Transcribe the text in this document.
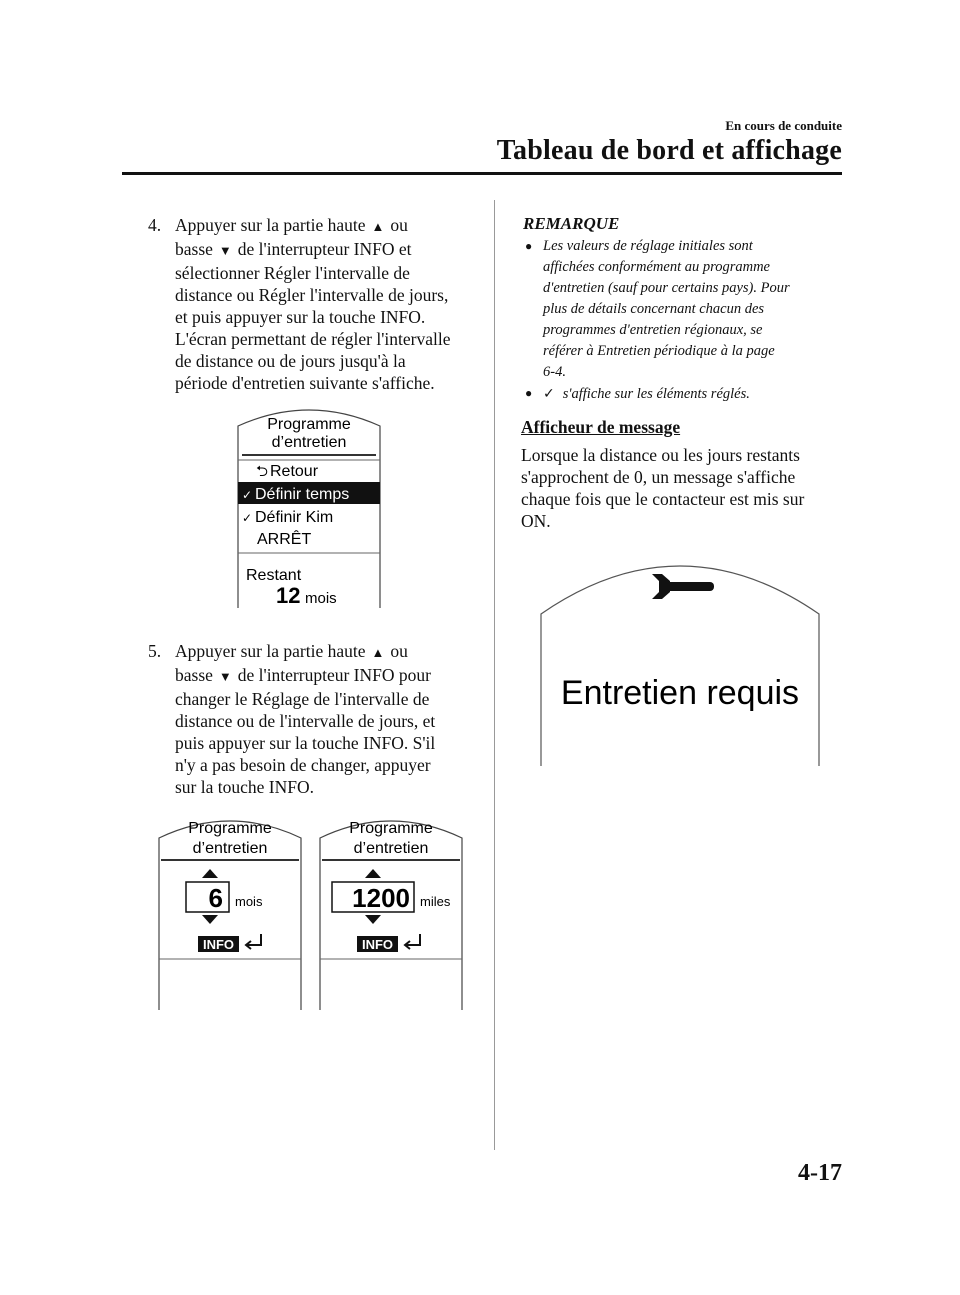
En cours de conduite
Tableau de bord et affichage
4. Appuyer sur la partie haute ▲ ou
basse ▼ de l'interrupteur INFO et
sélectionner Régler l'intervalle de
distance ou Régler l'intervalle de jours,
et puis appuyer sur la touche INFO.
L'écran permettant de régler l'intervalle
de distance ou de jours jusqu'à la
période d'entretien suivante s'affiche.
Programme
d’entretien
⮌ Retour
✓ Définir temps
✓ Définir Kim
ARRÊT
Restant
12 mois
5. Appuyer sur la partie haute ▲ ou
basse ▼ de l'interrupteur INFO pour
changer le Réglage de l'intervalle de
distance ou de l'intervalle de jours, et
puis appuyer sur la touche INFO. S'il
n'y a pas besoin de changer, appuyer
sur la touche INFO.
Programme
d’entretien
6 mois
INFO
Programme
d’entretien
1200 miles
INFO
REMARQUE
● Les valeurs de réglage initiales sont
affichées conformément au programme
d'entretien (sauf pour certains pays). Pour
plus de détails concernant chacun des
programmes d'entretien régionaux, se
référer à Entretien périodique à la page
6-4.
● ✓ s'affiche sur les éléments réglés.
Afficheur de message
Lorsque la distance ou les jours restants
s'approchent de 0, un message s'affiche
chaque fois que le contacteur est mis sur
ON.
Entretien requis
4-17
